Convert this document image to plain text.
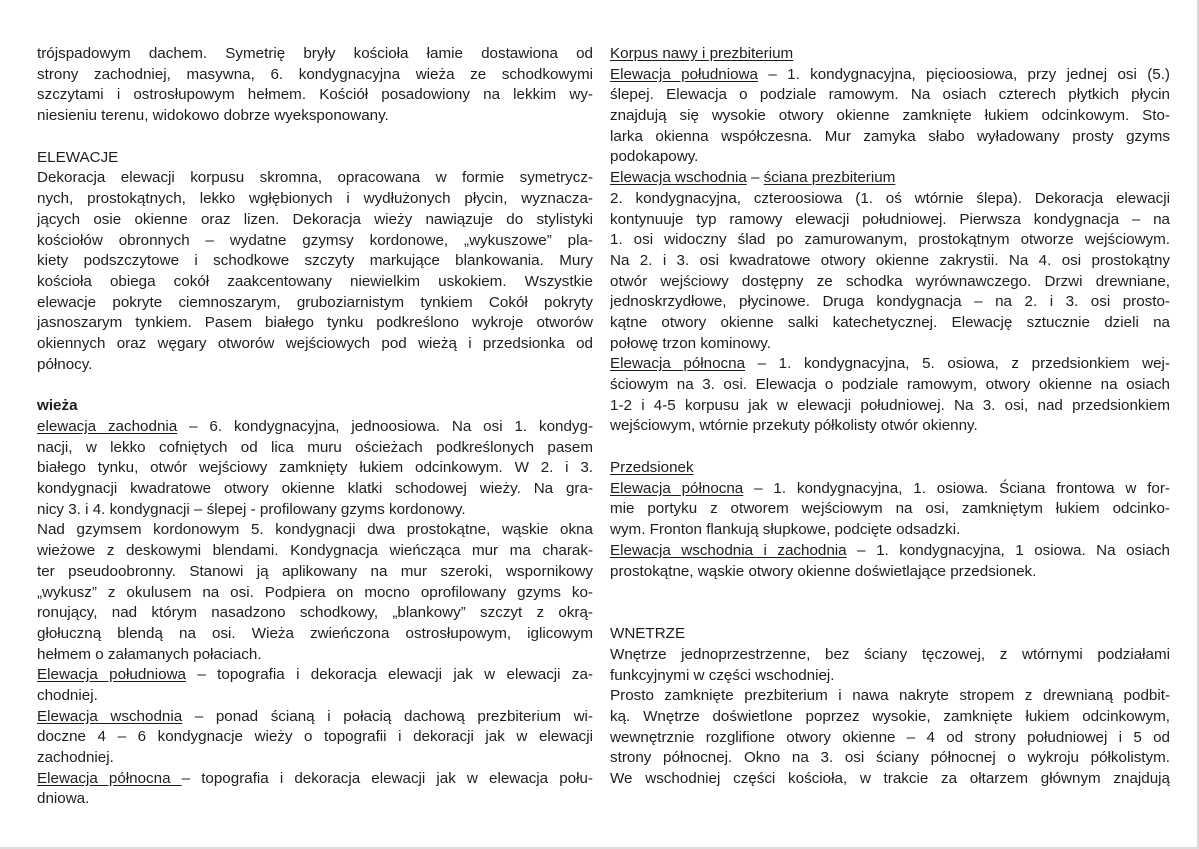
trójspadowym dachem. Symetrię bryły kościoła łamie dostawiona od
strony zachodniej, masywna, 6. kondygnacyjna wieża ze schodkowymi
szczytami i ostrosłupowym hełmem. Kościół posadowiony na lekkim wy-
niesieniu terenu, widokowo dobrze wyeksponowany.
ELEWACJE
Dekoracja elewacji korpusu skromna, opracowana w formie symetrycz-
nych, prostokątnych, lekko wgłębionych i wydłużonych płycin, wyznacza-
jących osie okienne oraz lizen. Dekoracja wieży nawiązuje do stylistyki
kościołów obronnych – wydatne gzymsy kordonowe, „wykuszowe” pla-
kiety podszczytowe i schodkowe szczyty markujące blankowania. Mury
kościoła obiega cokół zaakcentowany niewielkim uskokiem. Wszystkie
elewacje pokryte ciemnoszarym, gruboziarnistym tynkiem Cokół pokryty
jasnoszarym tynkiem. Pasem białego tynku podkreślono wykroje otworów
okiennych oraz węgary otworów wejściowych pod wieżą i przedsionka od
północy.
wieża
elewacja zachodnia – 6. kondygnacyjna, jednoosiowa. Na osi 1. kondyg-
nacji, w lekko cofniętych od lica muru ościeżach podkreślonych pasem
białego tynku, otwór wejściowy zamknięty łukiem odcinkowym. W 2. i 3.
kondygnacji kwadratowe otwory okienne klatki schodowej wieży. Na gra-
nicy 3. i 4. kondygnacji – ślepej - profilowany gzyms kordonowy.
Nad gzymsem kordonowym 5. kondygnacji dwa prostokątne, wąskie okna
wieżowe z deskowymi blendami. Kondygnacja wieńcząca mur ma charak-
ter pseudoobronny. Stanowi ją aplikowany na mur szeroki, wspornikowy
„wykusz” z okulusem na osi. Podpiera on mocno oprofilowany gzyms ko-
ronujący, nad którym nasadzono schodkowy, „blankowy” szczyt z okrą-
głołuczną blendą na osi. Wieża zwieńczona ostrosłupowym, iglicowym
hełmem o załamanych połaciach.
Elewacja południowa – topografia i dekoracja elewacji jak w elewacji za-
chodniej.
Elewacja wschodnia – ponad ścianą i połacią dachową prezbiterium wi-
doczne 4 – 6 kondygnacje wieży o topografii i dekoracji jak w elewacji
zachodniej.
Elewacja północna – topografia i dekoracja elewacji jak w elewacja połu-
dniowa.
Korpus nawy i prezbiterium
Elewacja południowa – 1. kondygnacyjna, pięcioosiowa, przy jednej osi (5.)
ślepej. Elewacja o podziale ramowym. Na osiach czterech płytkich płycin
znajdują się wysokie otwory okienne zamknięte łukiem odcinkowym. Sto-
larka okienna współczesna. Mur zamyka słabo wyładowany prosty gzyms
podokapowy.
Elewacja wschodnia – ściana prezbiterium
2. kondygnacyjna, czteroosiowa (1. oś wtórnie ślepa). Dekoracja elewacji
kontynuuje typ ramowy elewacji południowej. Pierwsza kondygnacja – na
1. osi widoczny ślad po zamurowanym, prostokątnym otworze wejściowym.
Na 2. i 3. osi kwadratowe otwory okienne zakrystii. Na 4. osi prostokątny
otwór wejściowy dostępny ze schodka wyrównawczego. Drzwi drewniane,
jednoskrzydłowe, płycinowe. Druga kondygnacja – na 2. i 3. osi prosto-
kątne otwory okienne salki katechetycznej. Elewację sztucznie dzieli na
połowę trzon kominowy.
Elewacja północna – 1. kondygnacyjna, 5. osiowa, z przedsionkiem wej-
ściowym na 3. osi. Elewacja o podziale ramowym, otwory okienne na osiach
1-2 i 4-5 korpusu jak w elewacji południowej. Na 3. osi, nad przedsionkiem
wejściowym, wtórnie przekuty półkolisty otwór okienny.
Przedsionek
Elewacja północna – 1. kondygnacyjna, 1. osiowa. Ściana frontowa w for-
mie portyku z otworem wejściowym na osi, zamkniętym łukiem odcinko-
wym. Fronton flankują słupkowe, podcięte odsadzki.
Elewacja wschodnia i zachodnia – 1. kondygnacyjna, 1 osiowa. Na osiach
prostokątne, wąskie otwory okienne doświetlające przedsionek.
WNETRZE
Wnętrze jednoprzestrzenne, bez ściany tęczowej, z wtórnymi podziałami
funkcyjnymi w części wschodniej.
Prosto zamknięte prezbiterium i nawa nakryte stropem z drewnianą podbit-
ką. Wnętrze doświetlone poprzez wysokie, zamknięte łukiem odcinkowym,
wewnętrznie rozglifione otwory okienne – 4 od strony południowej i 5 od
strony północnej. Okno na 3. osi ściany północnej o wykroju półkolistym.
We wschodniej części kościoła, w trakcie za ołtarzem głównym znajdują
